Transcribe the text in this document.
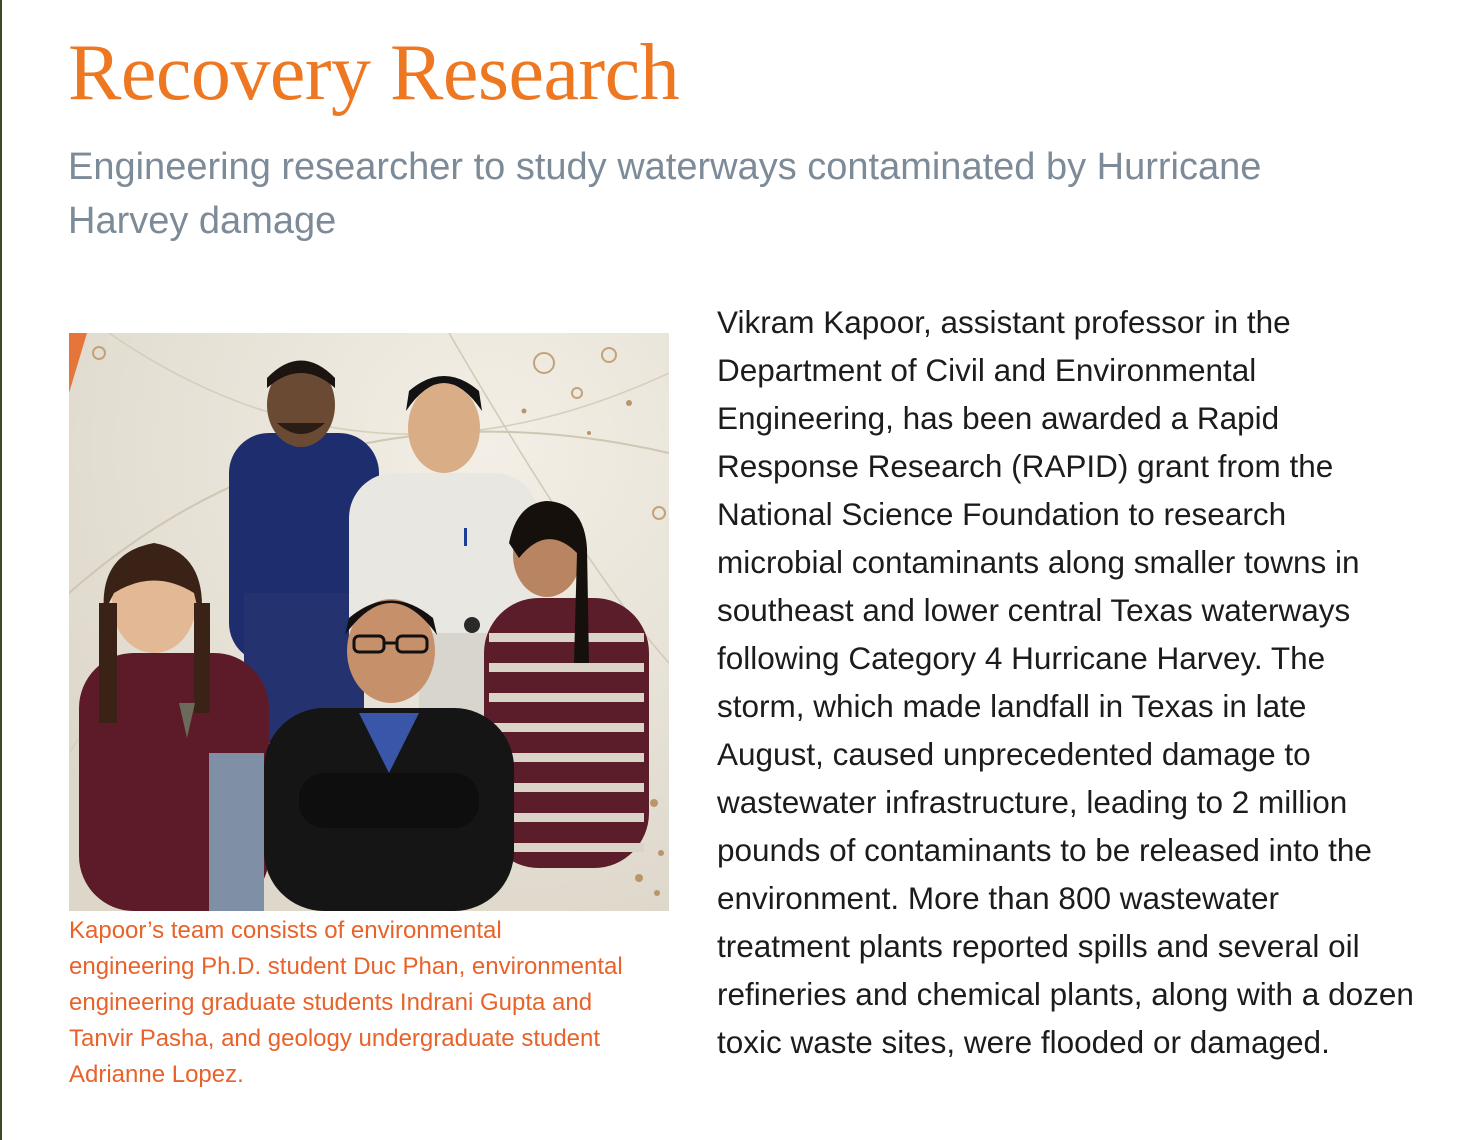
Recovery Research
Engineering researcher to study waterways contaminated by Hurricane Harvey damage

Kapoor’s team consists of environmental engineering Ph.D. student Duc Phan, environmental engineering graduate students Indrani Gupta and Tanvir Pasha, and geology undergraduate student Adrianne Lopez.

Vikram Kapoor, assistant professor in the Department of Civil and Environmental Engineering, has been awarded a Rapid Response Research (RAPID) grant from the National Science Foundation to research microbial contaminants along smaller towns in southeast and lower central Texas waterways following Category 4 Hurricane Harvey. The storm, which made landfall in Texas in late August, caused unprecedented damage to wastewater infrastructure, leading to 2 million pounds of contaminants to be released into the environment. More than 800 wastewater treatment plants reported spills and several oil refineries and chemical plants, along with a dozen toxic waste sites, were flooded or damaged.
